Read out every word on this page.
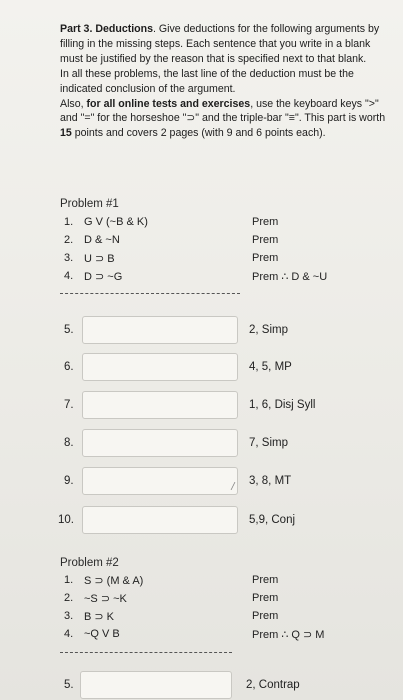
Part 3. Deductions. Give deductions for the following arguments by filling in the missing steps. Each sentence that you write in a blank must be justified by the reason that is specified next to that blank.

In all these problems, the last line of the deduction must be the indicated conclusion of the argument.

Also, for all online tests and exercises, use the keyboard keys ">" and "=" for the horseshoe "⊃" and the triple-bar "≡". This part is worth 15 points and covers 2 pages (with 9 and 6 points each).

Problem #1
1. G V (~B & K)	Prem
2. D & ~N	Prem
3. U ⊃ B	Prem
4. D ⊃ ~G	Prem ∴ D & ~U
5.	2, Simp
6.	4, 5, MP
7.	1, 6, Disj Syll
8.	7, Simp
9.	3, 8, MT
10.	5,9, Conj
Problem #2
1. S ⊃ (M & A)	Prem
2. ~S ⊃ ~K	Prem
3. B ⊃ K	Prem
4. ~Q V B	Prem ∴ Q ⊃ M
5.	2, Contrap
